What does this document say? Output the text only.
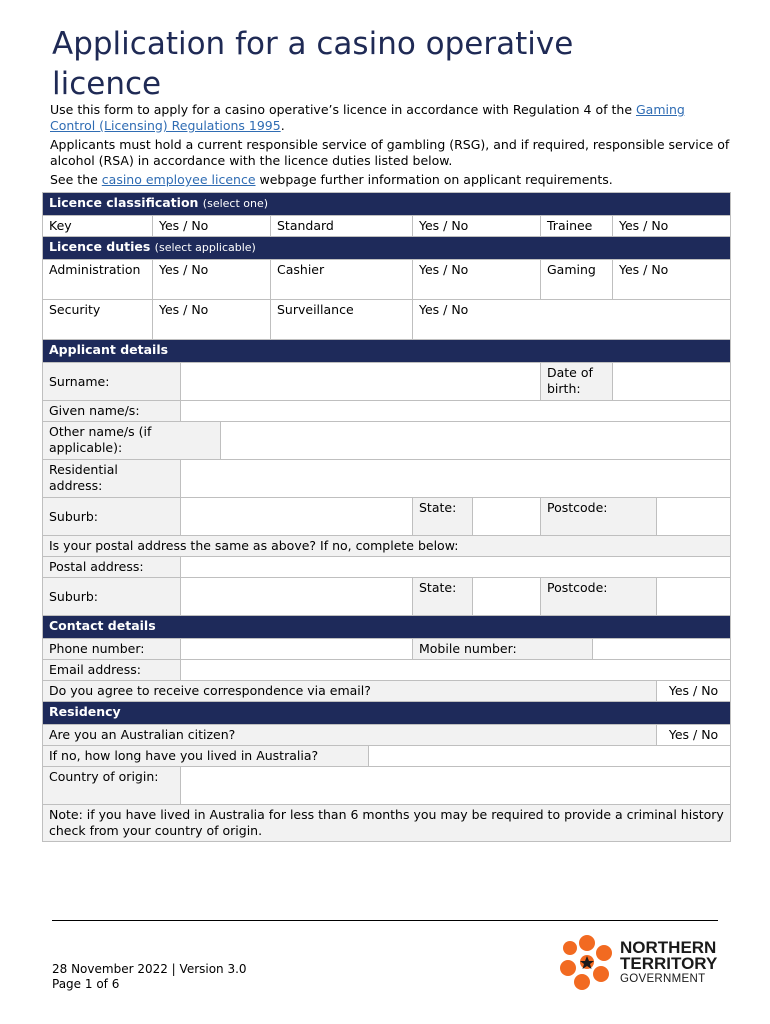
Application for a casino operative licence

Use this form to apply for a casino operative’s licence in accordance with Regulation 4 of the Gaming Control (Licensing) Regulations 1995.

Applicants must hold a current responsible service of gambling (RSG), and if required, responsible service of alcohol (RSA) in accordance with the licence duties listed below.

See the casino employee licence webpage further information on applicant requirements.

Licence classification (select one)											
Key	Yes / No			Standard		Yes / No		Trainee		Yes / No	
Licence duties (select applicable)											
Administration	Yes / No			Cashier		Yes / No		Gaming		Yes / No	
Security	Yes / No			Surveillance		Yes / No					
Applicant details											
Surname:								Date of birth:			
Given name/s:											
Other name/s (if applicable):											
Residential address:											
Suburb:						State:		Postcode:			
Is your postal address the same as above? If no, complete below:											
Postal address:											
Suburb:						State:		Postcode:			
Contact details											
Phone number:						Mobile number:					
Email address:											
Do you agree to receive correspondence via email?											Yes / No
Residency											
Are you an Australian citizen?											Yes / No
If no, how long have you lived in Australia?											
Country of origin:											
Note: if you have lived in Australia for less than 6 months you may be required to provide a criminal history check from your country of origin.											
28 November 2022 | Version 3.0
Page 1 of 6
NORTHERN
TERRITORY
GOVERNMENT
